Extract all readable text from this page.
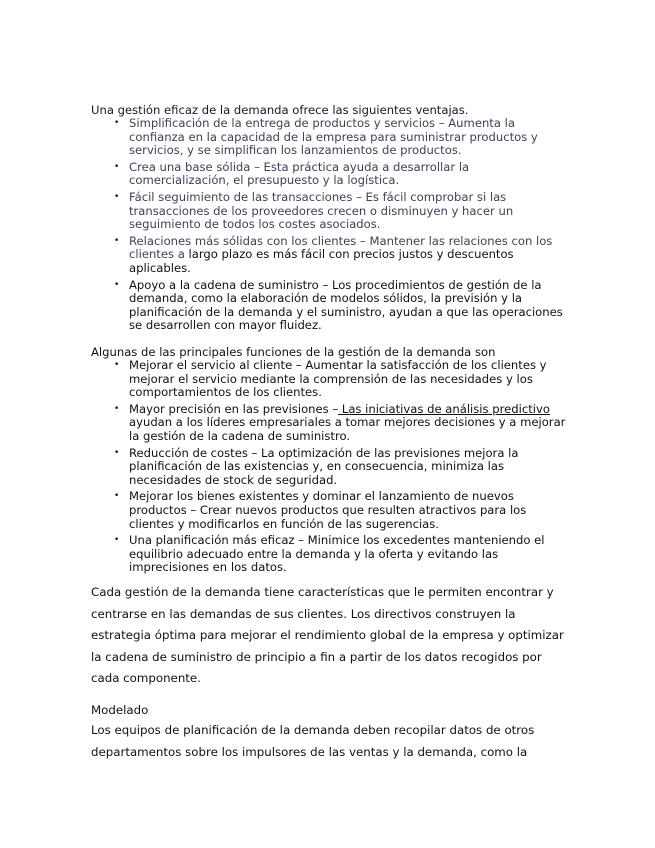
Una gestión eficaz de la demanda ofrece las siguientes ventajas.

• Simplificación de la entrega de productos y servicios – Aumenta la confianza en la capacidad de la empresa para suministrar productos y servicios, y se simplifican los lanzamientos de productos.
• Crea una base sólida – Esta práctica ayuda a desarrollar la comercialización, el presupuesto y la logística.
• Fácil seguimiento de las transacciones – Es fácil comprobar si las transacciones de los proveedores crecen o disminuyen y hacer un seguimiento de todos los costes asociados.
• Relaciones más sólidas con los clientes – Mantener las relaciones con los clientes a largo plazo es más fácil con precios justos y descuentos aplicables.
• Apoyo a la cadena de suministro – Los procedimientos de gestión de la demanda, como la elaboración de modelos sólidos, la previsión y la planificación de la demanda y el suministro, ayudan a que las operaciones se desarrollen con mayor fluidez.

Algunas de las principales funciones de la gestión de la demanda son

• Mejorar el servicio al cliente – Aumentar la satisfacción de los clientes y mejorar el servicio mediante la comprensión de las necesidades y los comportamientos de los clientes.
• Mayor precisión en las previsiones – Las iniciativas de análisis predictivo ayudan a los líderes empresariales a tomar mejores decisiones y a mejorar la gestión de la cadena de suministro.
• Reducción de costes – La optimización de las previsiones mejora la planificación de las existencias y, en consecuencia, minimiza las necesidades de stock de seguridad.
• Mejorar los bienes existentes y dominar el lanzamiento de nuevos productos – Crear nuevos productos que resulten atractivos para los clientes y modificarlos en función de las sugerencias.
• Una planificación más eficaz – Minimice los excedentes manteniendo el equilibrio adecuado entre la demanda y la oferta y evitando las imprecisiones en los datos.

Cada gestión de la demanda tiene características que le permiten encontrar y centrarse en las demandas de sus clientes. Los directivos construyen la estrategia óptima para mejorar el rendimiento global de la empresa y optimizar la cadena de suministro de principio a fin a partir de los datos recogidos por cada componente.

Modelado

Los equipos de planificación de la demanda deben recopilar datos de otros departamentos sobre los impulsores de las ventas y la demanda, como la
